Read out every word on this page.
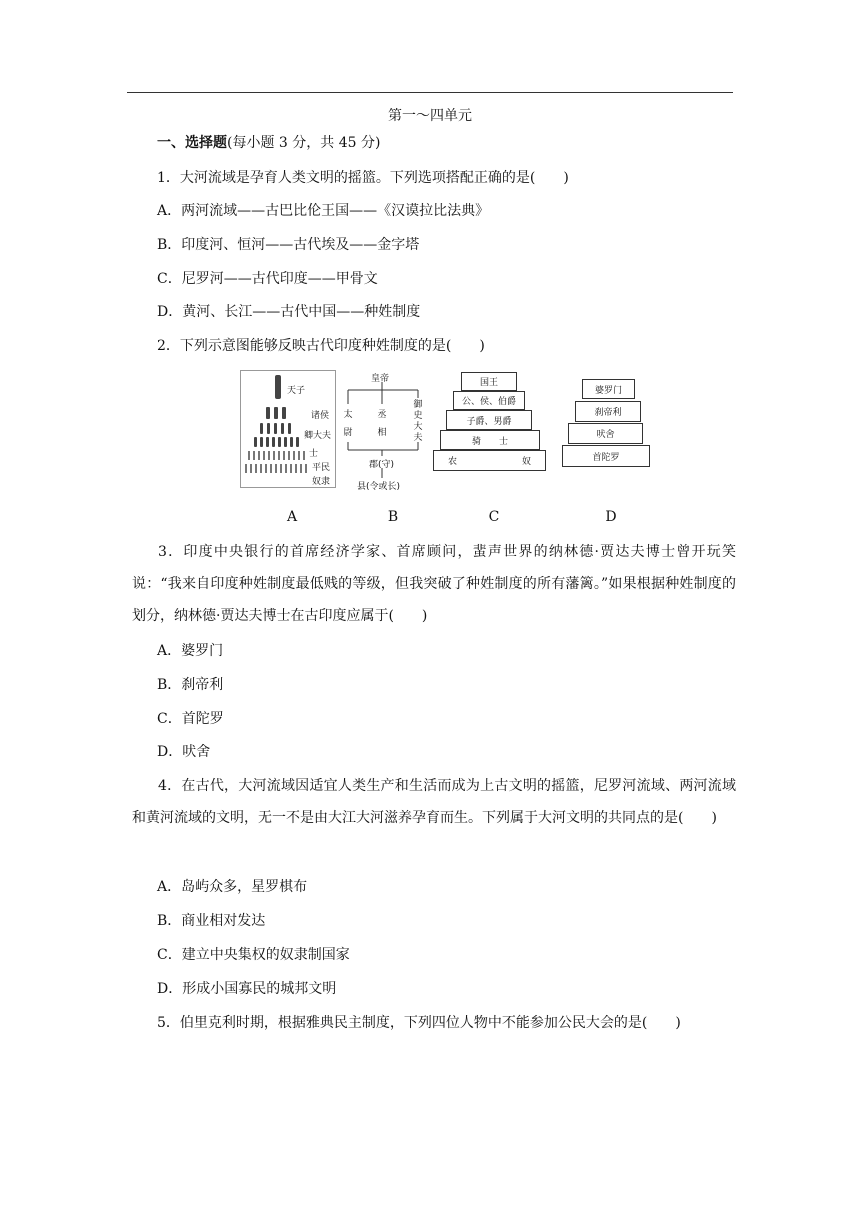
第一～四单元
一、选择题(每小题 3 分，共 45 分)
1．大河流域是孕育人类文明的摇篮。下列选项搭配正确的是(　　)
A．两河流域——古巴比伦王国——《汉谟拉比法典》
B．印度河、恒河——古代埃及——金字塔
C．尼罗河——古代印度——甲骨文
D．黄河、长江——古代中国——种姓制度
2．下列示意图能够反映古代印度种姓制度的是(　　)
天子
诸侯
卿大夫
士
平民
奴隶
皇帝
太尉
丞相
御史大夫
郡(守)
县(令或长)
国王
公、侯、伯爵
子爵、男爵
骑　　士
农	奴
婆罗门
刹帝利
吠舍
首陀罗
A	B	C	D
3．印度中央银行的首席经济学家、首席顾问，蜚声世界的纳林德·贾达夫博士曾开玩笑说：“我来自印度种姓制度最低贱的等级，但我突破了种姓制度的所有藩篱。”如果根据种姓制度的划分，纳林德·贾达夫博士在古印度应属于(　　)
A．婆罗门
B．刹帝利
C．首陀罗
D．吠舍
4．在古代，大河流域因适宜人类生产和生活而成为上古文明的摇篮，尼罗河流域、两河流域和黄河流域的文明，无一不是由大江大河滋养孕育而生。下列属于大河文明的共同点的是(　　)
A．岛屿众多，星罗棋布
B．商业相对发达
C．建立中央集权的奴隶制国家
D．形成小国寡民的城邦文明
5．伯里克利时期，根据雅典民主制度，下列四位人物中不能参加公民大会的是(　　)
